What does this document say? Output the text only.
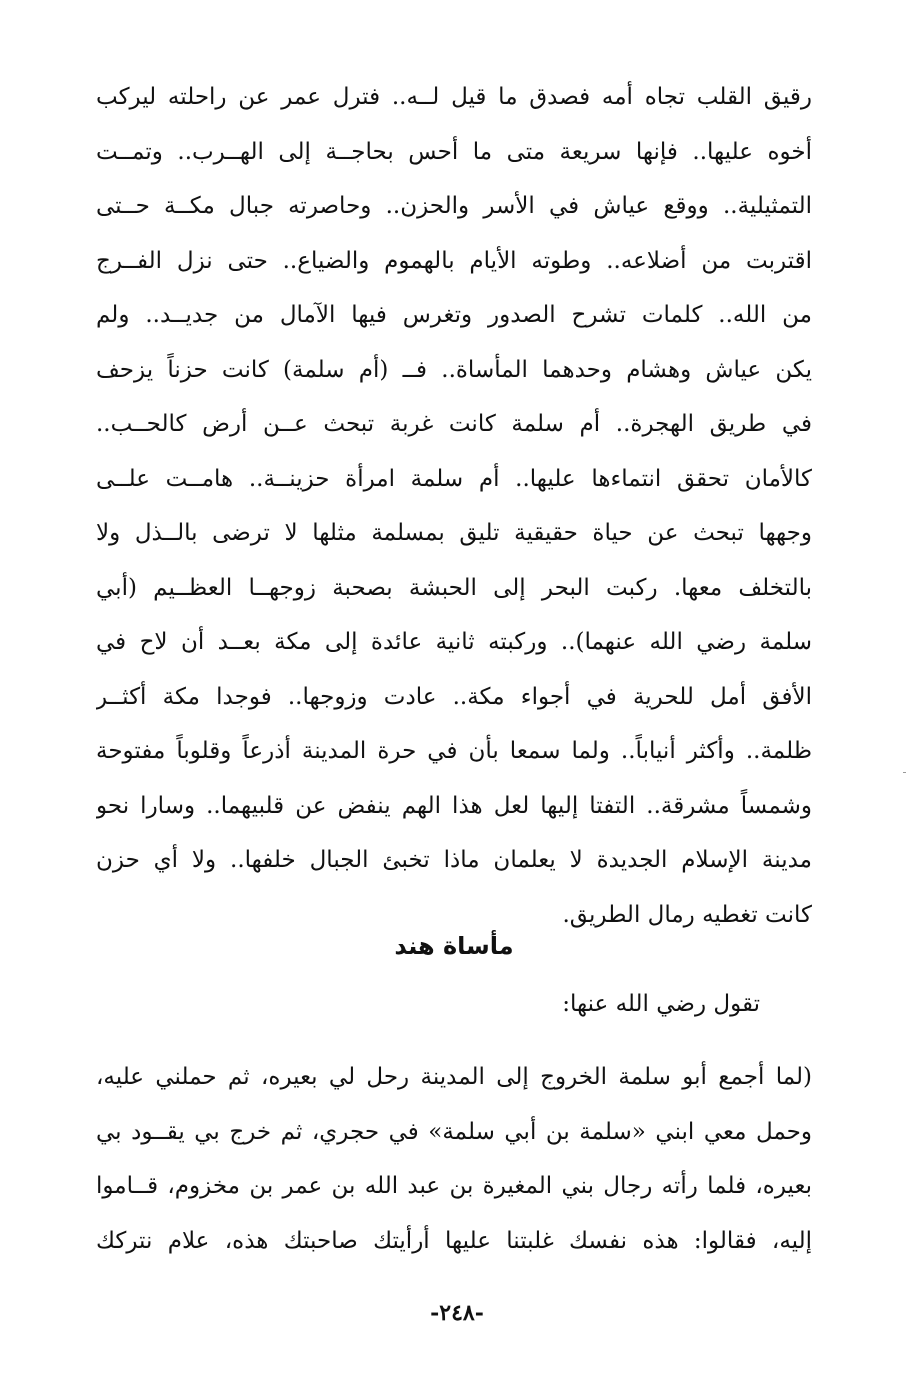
رقيق القلب تجاه أمه فصدق ما قيل لــه.. فترل عمر عن راحلته ليركب
أخوه عليها.. فإنها سريعة متى ما أحس بحاجــة إلى الهــرب.. وتمــت
التمثيلية.. ووقع عياش في الأسر والحزن.. وحاصرته جبال مكــة حــتى
اقتربت من أضلاعه.. وطوته الأيام بالهموم والضياع.. حتى نزل الفــرج
من الله.. كلمات تشرح الصدور وتغرس فيها الآمال من جديــد.. ولم
يكن عياش وهشام وحدهما المأساة.. فــ (أم سلمة) كانت حزناً يزحف
في طريق الهجرة.. أم سلمة كانت غربة تبحث عــن أرض كالحــب..
كالأمان تحقق انتماءها عليها.. أم سلمة امرأة حزينــة.. هامــت علــى
وجهها تبحث عن حياة حقيقية تليق بمسلمة مثلها لا ترضى بالــذل ولا
بالتخلف معها. ركبت البحر إلى الحبشة بصحبة زوجهــا العظــيم (أبي
سلمة رضي الله عنهما).. وركبته ثانية عائدة إلى مكة بعــد أن لاح في
الأفق أمل للحرية في أجواء مكة.. عادت وزوجها.. فوجدا مكة أكثــر
ظلمة.. وأكثر أنياباً.. ولما سمعا بأن في حرة المدينة أذرعاً وقلوباً مفتوحة
وشمساً مشرقة.. التفتا إليها لعل هذا الهم ينفض عن قلبيهما.. وسارا نحو
مدينة الإسلام الجديدة لا يعلمان ماذا تخبئ الجبال خلفها.. ولا أي حزن
كانت تغطيه رمال الطريق.
مأساة هند
تقول رضي الله عنها:
(لما أجمع أبو سلمة الخروج إلى المدينة رحل لي بعيره، ثم حملني عليه،
وحمل معي ابني «سلمة بن أبي سلمة» في حجري، ثم خرج بي يقــود بي
بعيره، فلما رأته رجال بني المغيرة بن عبد الله بن عمر بن مخزوم، قــاموا
إليه، فقالوا: هذه نفسك غلبتنا عليها أرأيتك صاحبتك هذه، علام نتركك
-٢٤٨-
